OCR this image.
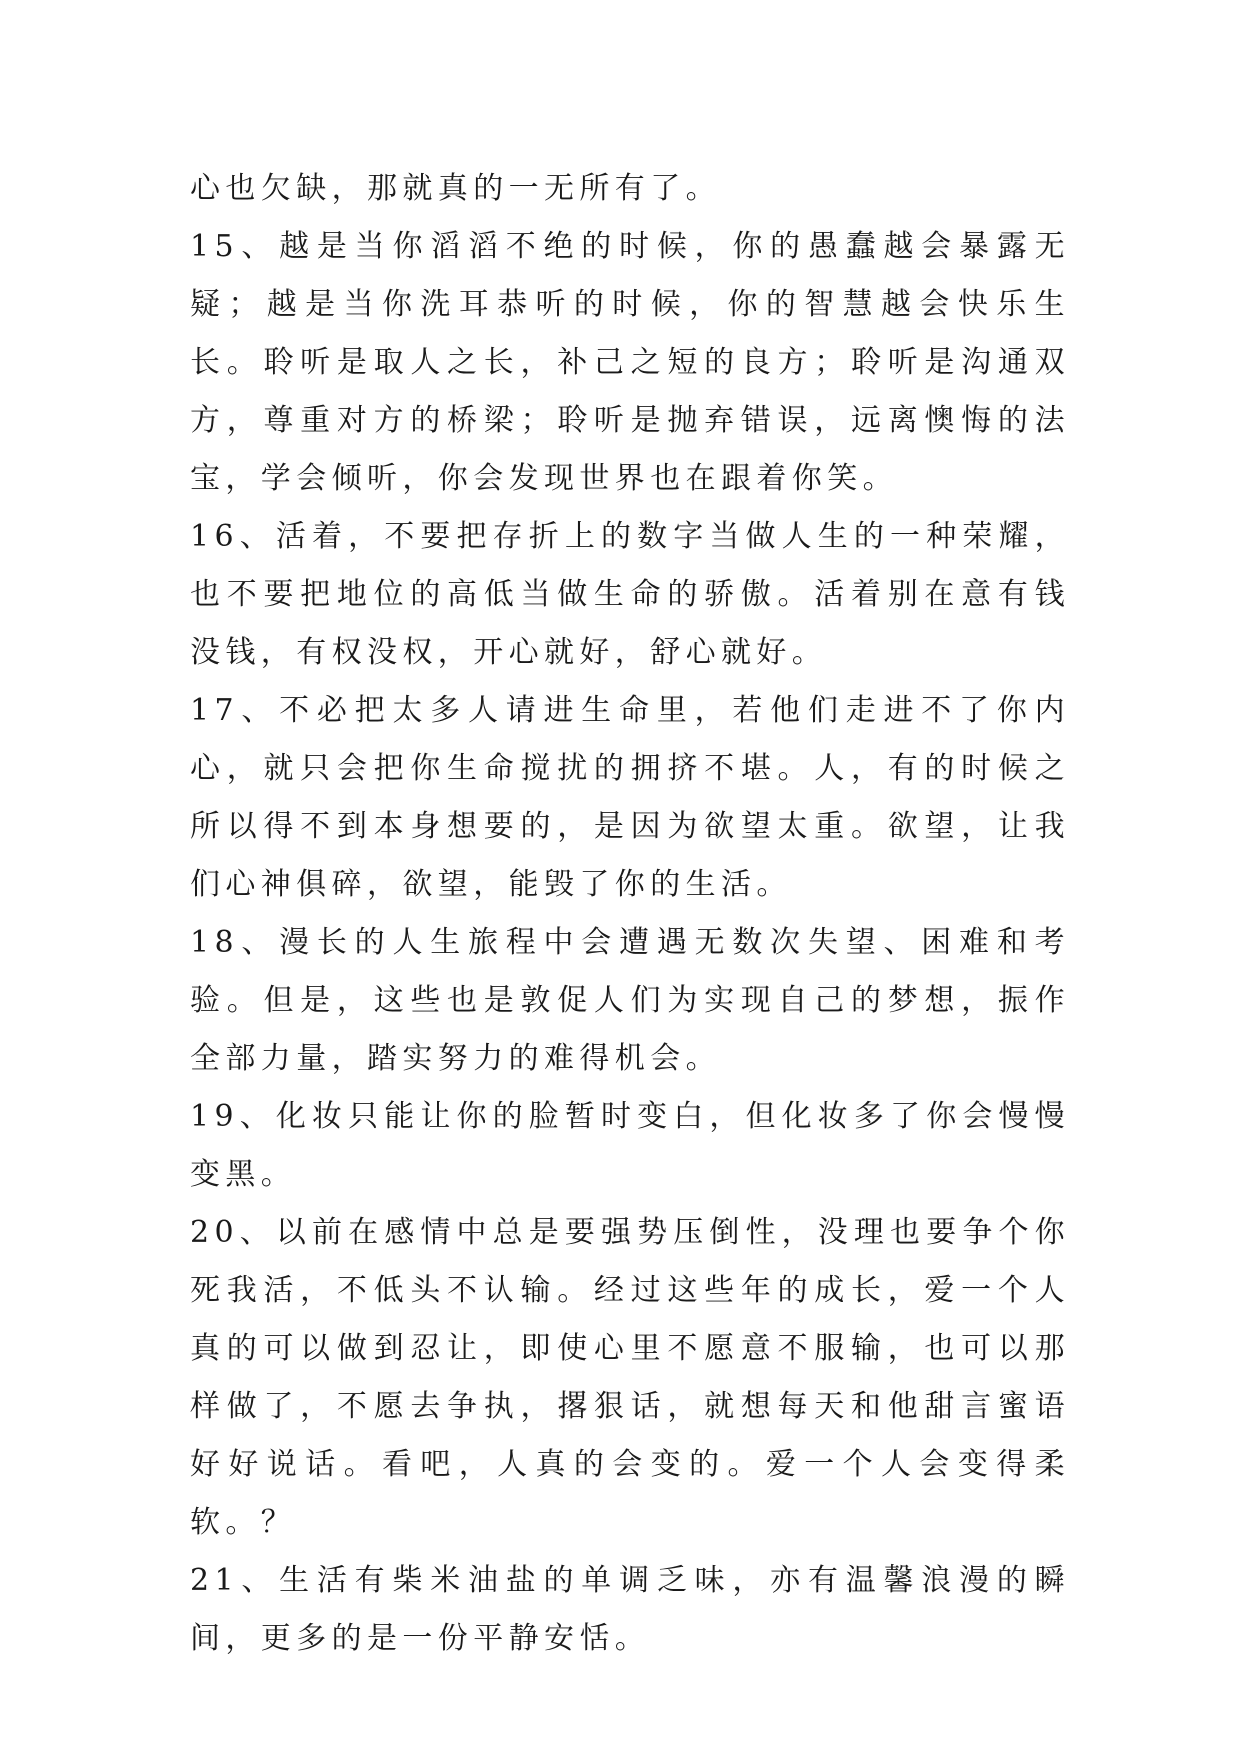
心也欠缺，那就真的一无所有了。

15、越是当你滔滔不绝的时候，你的愚蠢越会暴露无疑；越是当你洗耳恭听的时候，你的智慧越会快乐生长。聆听是取人之长，补己之短的良方；聆听是沟通双方，尊重对方的桥梁；聆听是抛弃错误，远离懊悔的法宝，学会倾听，你会发现世界也在跟着你笑。

16、活着，不要把存折上的数字当做人生的一种荣耀，也不要把地位的高低当做生命的骄傲。活着别在意有钱没钱，有权没权，开心就好，舒心就好。

17、不必把太多人请进生命里，若他们走进不了你内心，就只会把你生命搅扰的拥挤不堪。人，有的时候之所以得不到本身想要的，是因为欲望太重。欲望，让我们心神俱碎，欲望，能毁了你的生活。

18、漫长的人生旅程中会遭遇无数次失望、困难和考验。但是，这些也是敦促人们为实现自己的梦想，振作全部力量，踏实努力的难得机会。

19、化妆只能让你的脸暂时变白，但化妆多了你会慢慢变黑。

20、以前在感情中总是要强势压倒性，没理也要争个你死我活，不低头不认输。经过这些年的成长，爱一个人真的可以做到忍让，即使心里不愿意不服输，也可以那样做了，不愿去争执，撂狠话，就想每天和他甜言蜜语好好说话。看吧，人真的会变的。爱一个人会变得柔软。？

21、生活有柴米油盐的单调乏味，亦有温馨浪漫的瞬间，更多的是一份平静安恬。
